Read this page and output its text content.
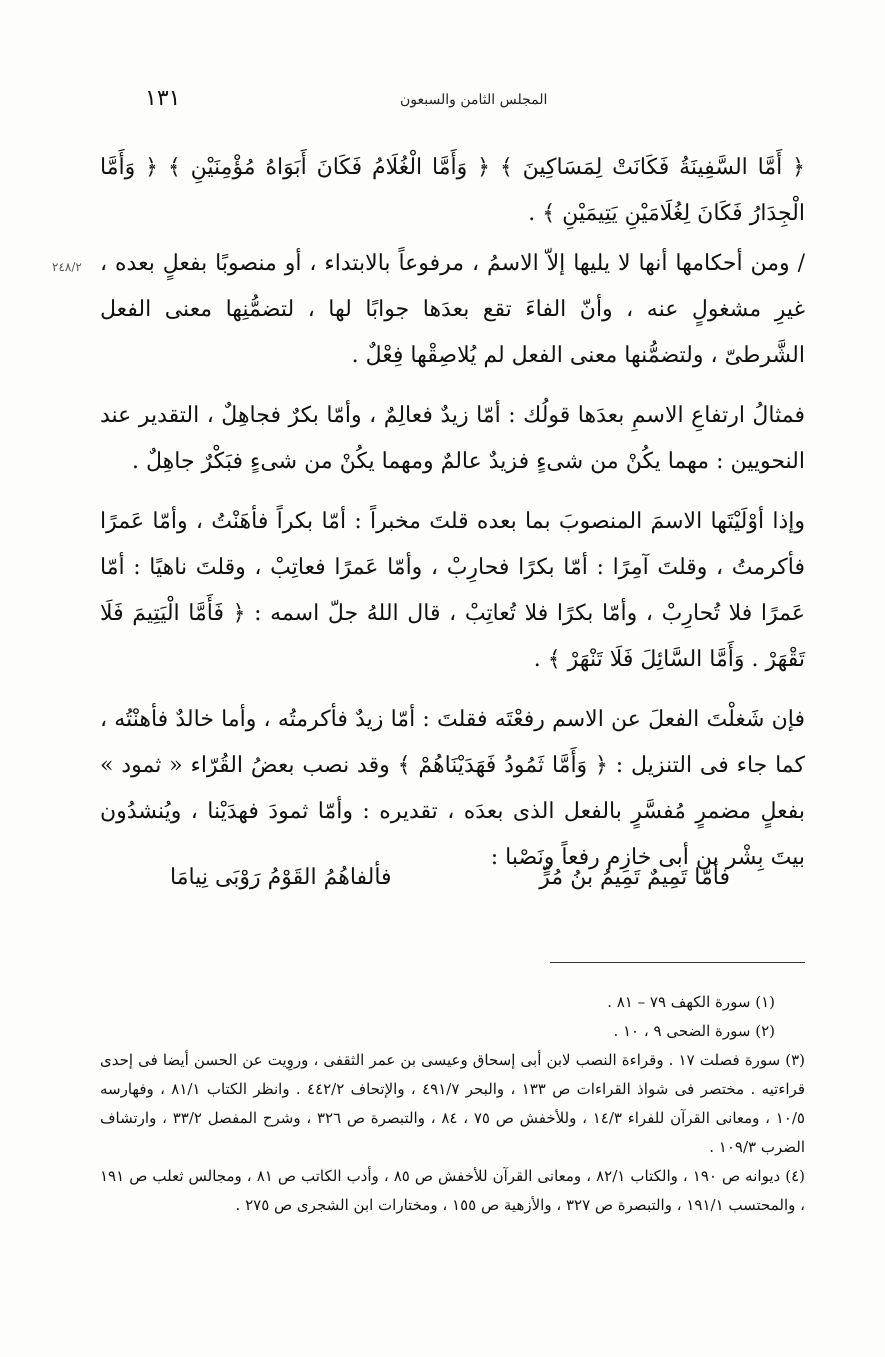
١٣١	المجلس الثامن والسبعون
٢٤٨/٢

﴿ أَمَّا السَّفِينَةُ فَكَانَتْ لِمَسَاكِينَ ﴾ ﴿ وَأَمَّا الْغُلَامُ فَكَانَ أَبَوَاهُ مُؤْمِنَيْنِ ﴾ ﴿ وَأَمَّا الْجِدَارُ فَكَانَ لِغُلَامَيْنِ يَتِيمَيْنِ ﴾ .

/ ومن أحكامها أنها لا يليها إلاّ الاسمُ ، مرفوعاً بالابتداء ، أو منصوبًا بفعلٍ بعده ، غيرِ مشغولٍ عنه ، وأنّ الفاءَ تقع بعدَها جوابًا لها ، لتضمُّنِها معنى الفعل الشَّرطىّ ، ولتضمُّنها معنى الفعل لم يُلاصِقْها فِعْلٌ .

فمثالُ ارتفاعِ الاسمِ بعدَها قولُك : أمّا زيدٌ فعالِمٌ ، وأمّا بكرٌ فجاهِلٌ ، التقدير عند النحويين : مهما يكُنْ من شىءٍ فزيدٌ عالمٌ ومهما يكُنْ من شىءٍ فبَكْرٌ جاهِلٌ .

وإذا أوْلَيْتَها الاسمَ المنصوبَ بما بعده قلتَ مخبراً : أمّا بكراً فأهَنْتُ ، وأمّا عَمرًا فأكرمتُ ، وقلتَ آمِرًا : أمّا بكرًا فحارِبْ ، وأمّا عَمرًا فعاتِبْ ، وقلتَ ناهيًا : أمّا عَمرًا فلا تُحارِبْ ، وأمّا بكرًا فلا تُعاتِبْ ، قال اللهُ جلّ اسمه : ﴿ فَأَمَّا الْيَتِيمَ فَلَا تَقْهَرْ . وَأَمَّا السَّائِلَ فَلَا تَنْهَرْ ﴾ .

فإن شَغلْتَ الفعلَ عن الاسم رفعْتَه فقلتَ : أمّا زيدٌ فأكرمتُه ، وأما خالدٌ فأهنْتُه ، كما جاء فى التنزيل : ﴿ وَأَمَّا ثَمُودُ فَهَدَيْنَاهُمْ ﴾ وقد نصب بعضُ القُرّاء « ثمود » بفعلٍ مضمرٍ مُفسَّرٍ بالفعل الذى بعدَه ، تقديره : وأمّا ثمودَ فهدَيْنا ، ويُنشدُون بيتَ بِشْر بن أبى خازِم رفعاً ونَصْبا :

فأمّا تَمِيمٌ تَمِيمُ بنُ مُرٍّ
فألفاهُمُ القَوْمُ رَوْبَى نِيامَا

(١) سورة الكهف ٧٩ – ٨١ .

(٢) سورة الضحى ٩ ، ١٠ .

(٣) سورة فصلت ١٧ . وقراءة النصب لابن أبى إسحاق وعيسى بن عمر الثقفى ، وروِيت عن الحسن أيضا فى إحدى قراءتيه . مختصر فى شواذ القراءات ص ١٣٣ ، والبحر ٤٩١/٧ ، والإتحاف ٤٤٢/٢ . وانظر الكتاب ٨١/١ ، وفهارسه ١٠/٥ ، ومعانى القرآن للفراء ١٤/٣ ، وللأخفش ص ٧٥ ، ٨٤ ، والتبصرة ص ٣٢٦ ، وشرح المفصل ٣٣/٢ ، وارتشاف الضرب ١٠٩/٣ .

(٤) ديوانه ص ١٩٠ ، والكتاب ٨٢/١ ، ومعانى القرآن للأخفش ص ٨٥ ، وأدب الكاتب ص ٨١ ، ومجالس ثعلب ص ١٩١ ، والمحتسب ١٩١/١ ، والتبصرة ص ٣٢٧ ، والأزهية ص ١٥٥ ، ومختارات ابن الشجرى ص ٢٧٥ .
